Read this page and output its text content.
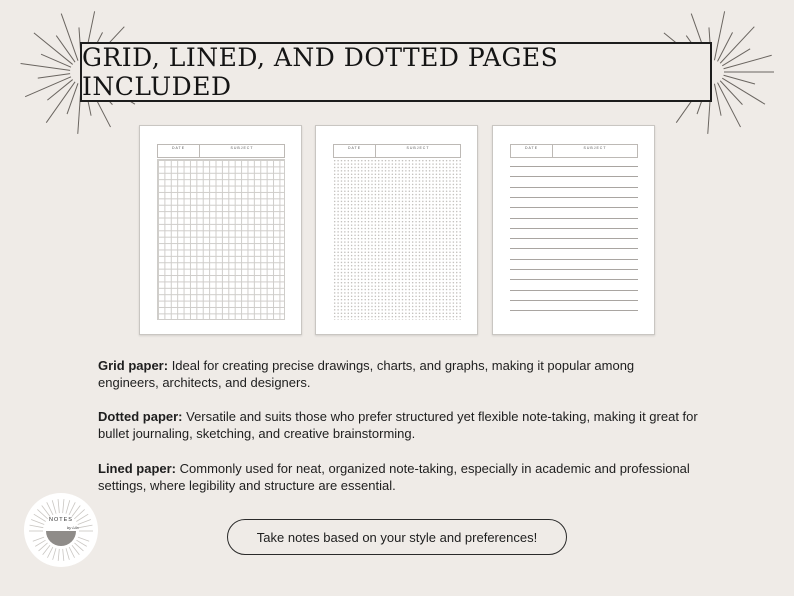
GRID, LINED, AND DOTTED PAGES INCLUDED
DATE	SUBJECT	DATE	SUBJECT	DATE	SUBJECT
Grid paper: Ideal for creating precise drawings, charts, and graphs, making it popular among engineers, architects, and designers.
Dotted paper: Versatile and suits those who prefer structured yet flexible note-taking, making it great for bullet journaling, sketching, and creative brainstorming.
Lined paper: Commonly used for neat, organized note-taking, especially in academic and professional settings, where legibility and structure are essential.
Take notes based on your style and preferences!
NOTES
by Lila
